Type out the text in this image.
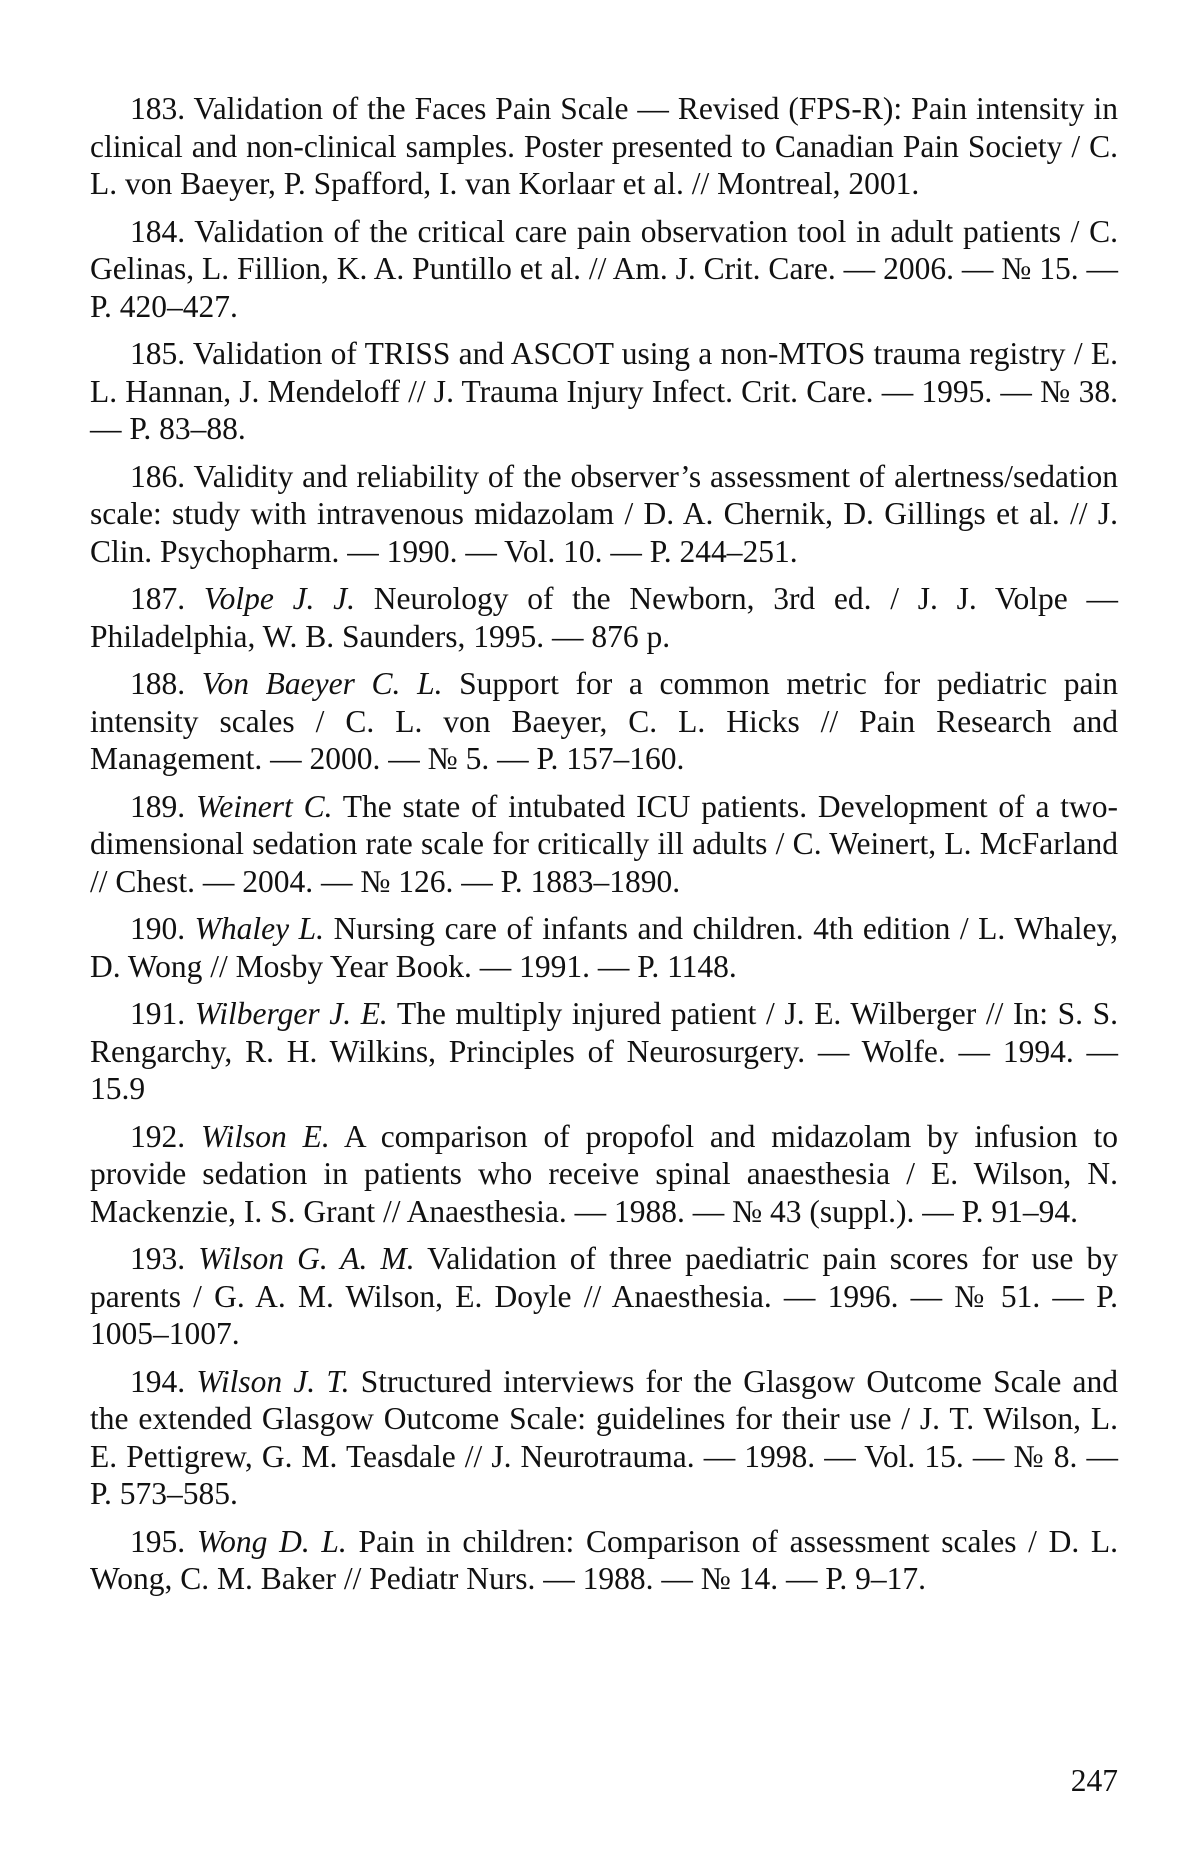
183. Validation of the Faces Pain Scale — Revised (FPS-R): Pain intensity in clinical and non-clinical samples. Poster presented to Canadian Pain Society / C. L. von Baeyer, P. Spafford, I. van Korlaar et al. // Montreal, 2001.

184. Validation of the critical care pain observation tool in adult patients / C. Gelinas, L. Fillion, K. A. Puntillo et al. // Am. J. Crit. Care. — 2006. — № 15. — P. 420–427.

185. Validation of TRISS and ASCOT using a non-MTOS trauma registry / E. L. Hannan, J. Mendeloff // J. Trauma Injury Infect. Crit. Care. — 1995. — № 38. — P. 83–88.

186. Validity and reliability of the observer’s assessment of alertness/sedation scale: study with intravenous midazolam / D. A. Chernik, D. Gillings et al. // J. Clin. Psychopharm. — 1990. — Vol. 10. — P. 244–251.

187. Volpe J. J. Neurology of the Newborn, 3rd ed. / J. J. Volpe — Philadelphia, W. B. Saunders, 1995. — 876 p.

188. Von Baeyer C. L. Support for a common metric for pediatric pain intensity scales / C. L. von Baeyer, C. L. Hicks // Pain Research and Management. — 2000. — № 5. — P. 157–160.

189. Weinert C. The state of intubated ICU patients. Development of a two-dimensional sedation rate scale for critically ill adults / C. Weinert, L. McFarland // Chest. — 2004. — № 126. — P. 1883–1890.

190. Whaley L. Nursing care of infants and children. 4th edition / L. Whaley, D. Wong // Mosby Year Book. — 1991. — P. 1148.

191. Wilberger J. E. The multiply injured patient / J. E. Wilberger // In: S. S. Rengarchy, R. H. Wilkins, Principles of Neurosurgery. — Wolfe. — 1994. — 15.9

192. Wilson E. A comparison of propofol and midazolam by infusion to provide sedation in patients who receive spinal anaesthesia / E. Wilson, N. Mackenzie, I. S. Grant // Anaesthesia. — 1988. — № 43 (suppl.). — P. 91–94.

193. Wilson G. A. M. Validation of three paediatric pain scores for use by parents / G. A. M. Wilson, E. Doyle // Anaesthesia. — 1996. — № 51. — P. 1005–1007.

194. Wilson J. T. Structured interviews for the Glasgow Outcome Scale and the extended Glasgow Outcome Scale: guidelines for their use / J. T. Wilson, L. E. Pettigrew, G. M. Teasdale // J. Neurotrauma. — 1998. — Vol. 15. — № 8. — P. 573–585.

195. Wong D. L. Pain in children: Comparison of assessment scales / D. L. Wong, C. M. Baker // Pediatr Nurs. — 1988. — № 14. — P. 9–17.

247
